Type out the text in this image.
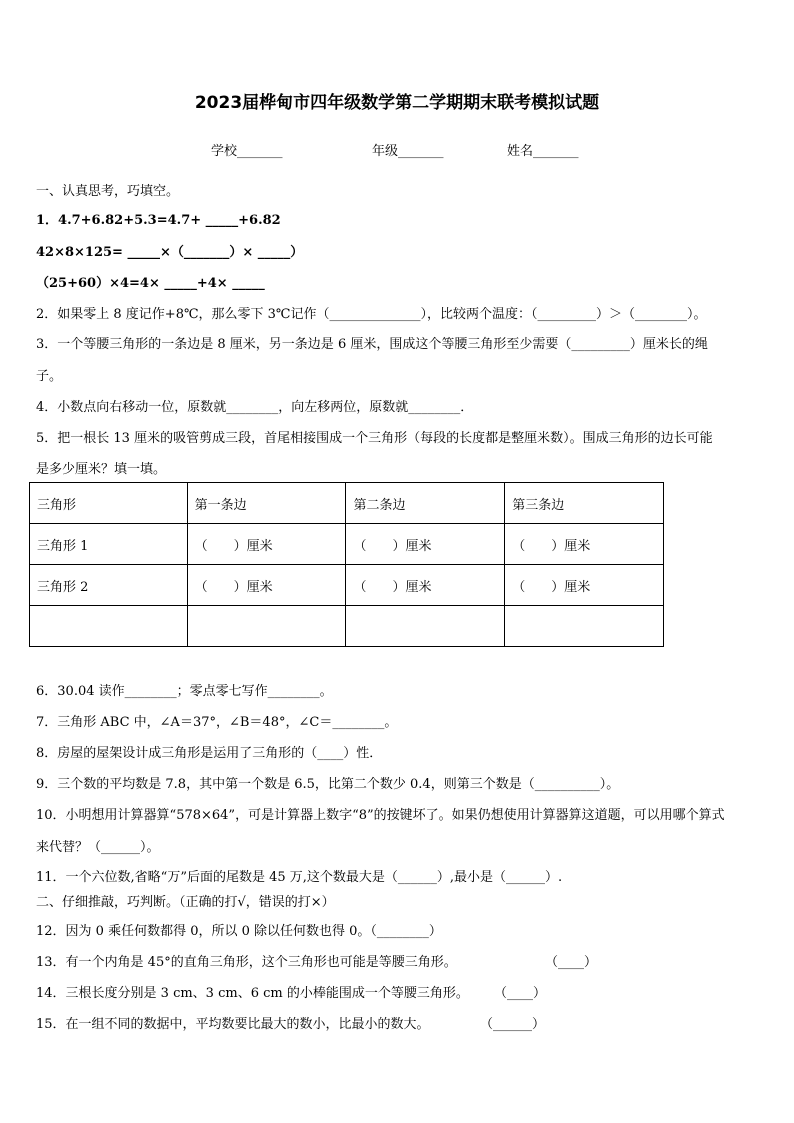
2023届桦甸市四年级数学第二学期期末联考模拟试题
学校_______	年级_______	姓名_______
一、认真思考，巧填空。
1．4.7+6.82+5.3=4.7+ _____+6.82
42×8×125= _____×（_______）× _____）
（25+60）×4=4× _____+4× _____
2．如果零上 8 度记作+8℃，那么零下 3℃记作（______________），比较两个温度：（_________）＞（________）。
3．一个等腰三角形的一条边是 8 厘米，另一条边是 6 厘米，围成这个等腰三角形至少需要（_________）厘米长的绳
子。
4．小数点向右移动一位，原数就________，向左移两位，原数就________．
5．把一根长 13 厘米的吸管剪成三段，首尾相接围成一个三角形（每段的长度都是整厘米数）。围成三角形的边长可能
是多少厘米？填一填。
三角形	第一条边	第二条边	第三条边
三角形 1	（　　）厘米	（　　）厘米	（　　）厘米
三角形 2	（　　）厘米	（　　）厘米	（　　）厘米

6．30.04 读作________；零点零七写作________。
7．三角形 ABC 中，∠A＝37°，∠B＝48°，∠C＝________。
8．房屋的屋架设计成三角形是运用了三角形的（____）性．
9．三个数的平均数是 7.8，其中第一个数是 6.5，比第二个数少 0.4，则第三个数是（__________）。
10．小明想用计算器算“578×64”，可是计算器上数字“8”的按键坏了。如果仍想使用计算器算这道题，可以用哪个算式
来代替？（______）。
11．一个六位数,省略“万”后面的尾数是 45 万,这个数最大是（______）,最小是（______）.
二、仔细推敲，巧判断。（正确的打√，错误的打×）
12．因为 0 乘任何数都得 0，所以 0 除以任何数也得 0。（________）
13．有一个内角是 45°的直角三角形，这个三角形也可能是等腰三角形。	（____）
14．三根长度分别是 3 cm、3 cm、6 cm 的小棒能围成一个等腰三角形。 （____）
15．在一组不同的数据中，平均数要比最大的数小，比最小的数大。	（______）
